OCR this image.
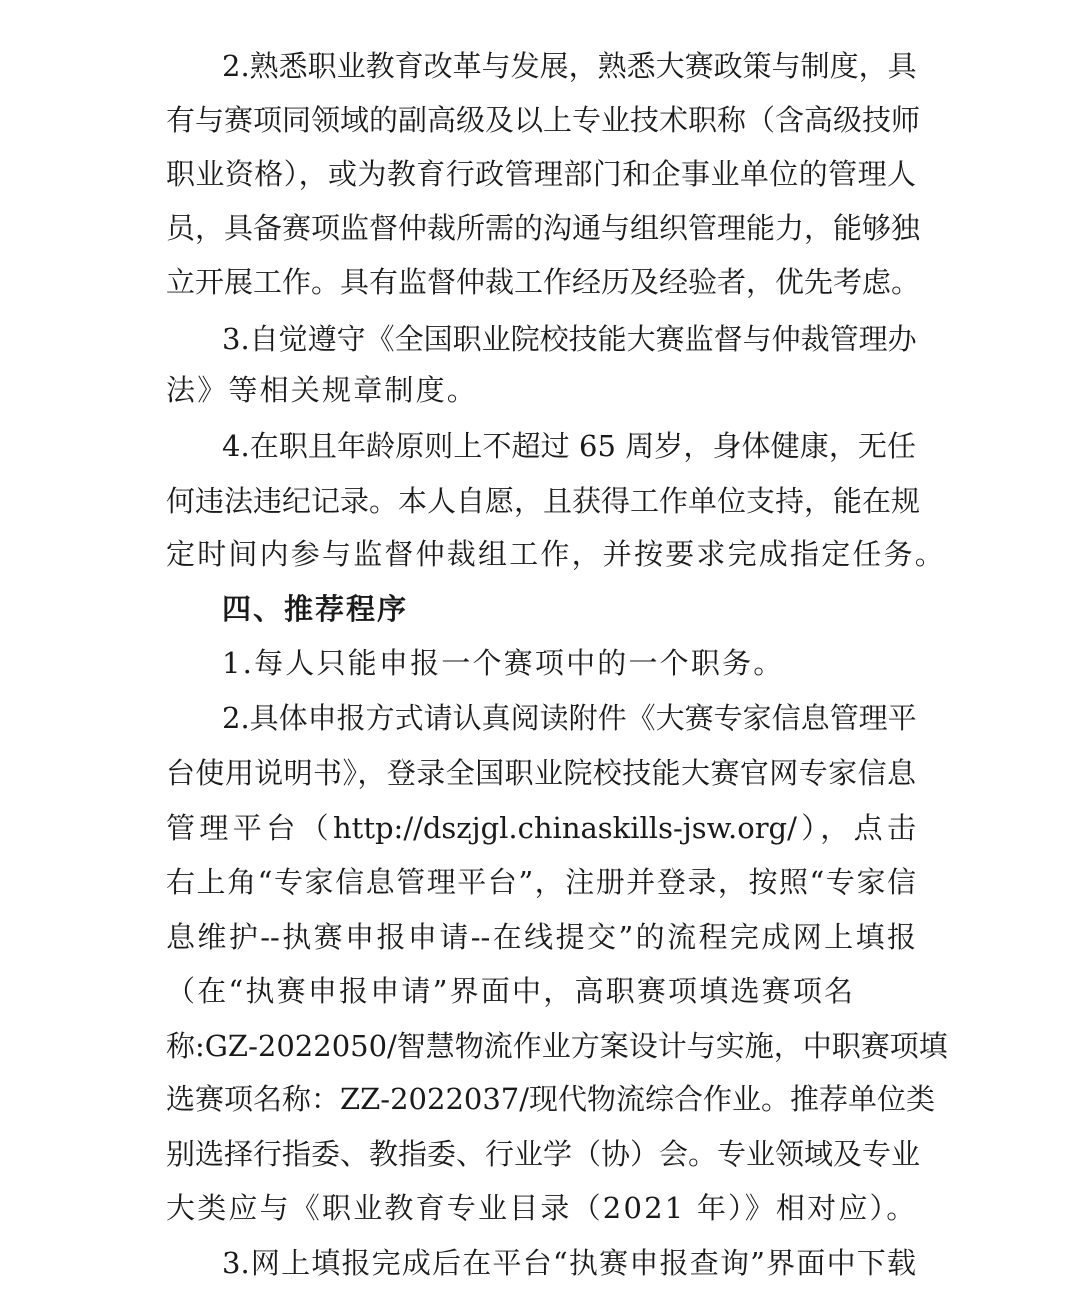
2.熟悉职业教育改革与发展，熟悉大赛政策与制度，具
有与赛项同领域的副高级及以上专业技术职称（含高级技师
职业资格），或为教育行政管理部门和企事业单位的管理人
员，具备赛项监督仲裁所需的沟通与组织管理能力，能够独
立开展工作。具有监督仲裁工作经历及经验者，优先考虑。
3.自觉遵守《全国职业院校技能大赛监督与仲裁管理办
法》等相关规章制度。
4.在职且年龄原则上不超过 65 周岁，身体健康，无任
何违法违纪记录。本人自愿，且获得工作单位支持，能在规
定时间内参与监督仲裁组工作，并按要求完成指定任务。
四、推荐程序
1.每人只能申报一个赛项中的一个职务。
2.具体申报方式请认真阅读附件《大赛专家信息管理平
台使用说明书》，登录全国职业院校技能大赛官网专家信息
管理平台（http://dszjgl.chinaskills-jsw.org/），点击
右上角“专家信息管理平台”，注册并登录，按照“专家信
息维护--执赛申报申请--在线提交”的流程完成网上填报
（在“执赛申报申请”界面中，高职赛项填选赛项名
称:GZ-2022050/智慧物流作业方案设计与实施，中职赛项填
选赛项名称：ZZ-2022037/现代物流综合作业。推荐单位类
别选择行指委、教指委、行业学（协）会。专业领域及专业
大类应与《职业教育专业目录（2021 年）》相对应）。
3.网上填报完成后在平台“执赛申报查询”界面中下载
